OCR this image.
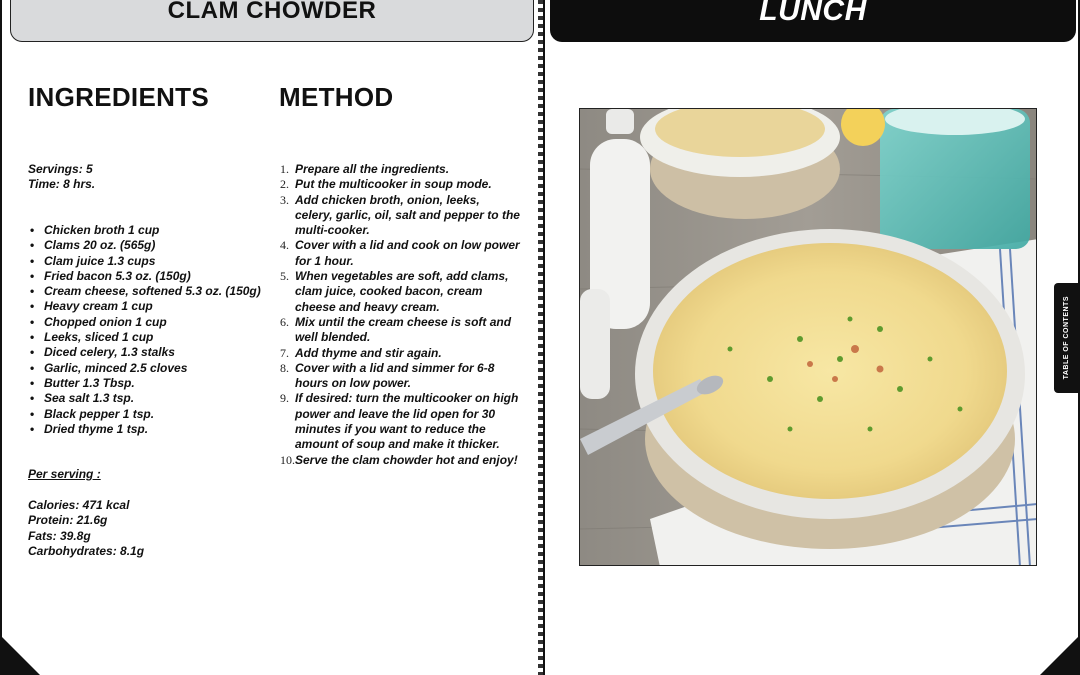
CLAM CHOWDER
INGREDIENTS	METHOD
Servings: 5
Time: 8 hrs.
• Chicken broth 1 cup
• Clams 20 oz. (565g)
• Clam juice 1.3 cups
• Fried bacon 5.3 oz. (150g)
• Cream cheese, softened 5.3 oz. (150g)
• Heavy cream 1 cup
• Chopped onion 1 cup
• Leeks, sliced 1 cup
• Diced celery, 1.3 stalks
• Garlic, minced 2.5 cloves
• Butter 1.3 Tbsp.
• Sea salt 1.3 tsp.
• Black pepper 1 tsp.
• Dried thyme 1 tsp.
Per serving :
Calories: 471 kcal
Protein: 21.6g
Fats: 39.8g
Carbohydrates: 8.1g
1. Prepare all the ingredients.
2. Put the multicooker in soup mode.
3. Add chicken broth, onion, leeks, celery, garlic, oil, salt and pepper to the multi-cooker.
4. Cover with a lid and cook on low power for 1 hour.
5. When vegetables are soft, add clams, clam juice, cooked bacon, cream cheese and heavy cream.
6. Mix until the cream cheese is soft and well blended.
7. Add thyme and stir again.
8. Cover with a lid and simmer for 6-8 hours on low power.
9. If desired: turn the multicooker on high power and leave the lid open for 30 minutes if you want to reduce the amount of soup and make it thicker.
10. Serve the clam chowder hot and enjoy!
LUNCH
TABLE OF CONTENTS
